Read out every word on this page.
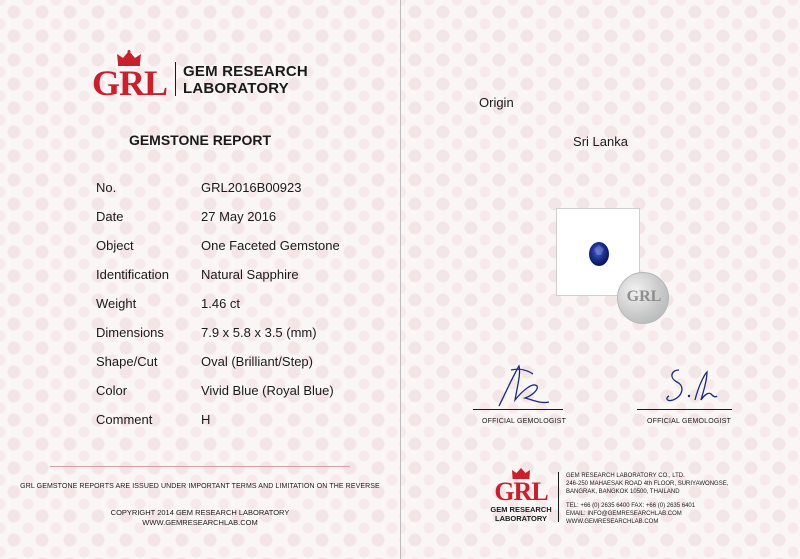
GRL GEM RESEARCH
LABORATORY
GEMSTONE REPORT
No.	GRL2016B00923
Date	27 May 2016
Object	One Faceted Gemstone
Identification Natural Sapphire
Weight	1.46 ct
Dimensions	7.9 x 5.8 x 3.5 (mm)
Shape/Cut	Oval (Brilliant/Step)
Color	Vivid Blue (Royal Blue)
Comment	H
GRL GEMSTONE REPORTS ARE ISSUED UNDER IMPORTANT TERMS AND LIMITATION ON THE REVERSE
COPYRIGHT 2014 GEM RESEARCH LABORATORY
WWW.GEMRESEARCHLAB.COM
Origin
Sri Lanka
GRL
OFFICIAL GEMOLOGIST	OFFICIAL GEMOLOGIST
GRL
GEM RESEARCH
LABORATORY
GEM RESEARCH LABORATORY CO., LTD.
246-250 MAHAESAK ROAD 4th FLOOR, SURIYAWONGSE,
BANGRAK, BANGKOK 10500, THAILAND
TEL: +66 (0) 2635 6400 FAX: +66 (0) 2635 6401
EMAIL: INFO@GEMRESEARCHLAB.COM
WWW.GEMRESEARCHLAB.COM
